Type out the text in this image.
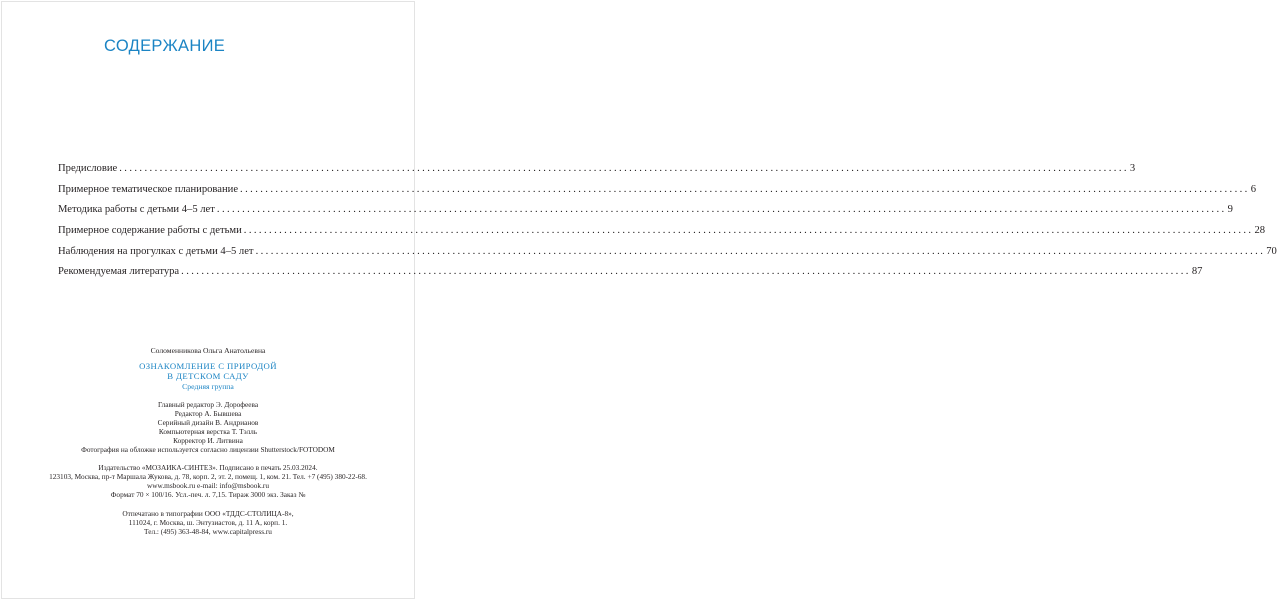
СОДЕРЖАНИЕ
Предисловие ........................................................................................................................................................................................................ 3
Примерное тематическое планирование ........................................................................................................................................................................................................ 6
Методика работы с детьми 4–5 лет ........................................................................................................................................................................................................ 9
Примерное содержание работы с детьми ........................................................................................................................................................................................................ 28
Наблюдения на прогулках с детьми 4–5 лет ........................................................................................................................................................................................................ 70
Рекомендуемая литература ........................................................................................................................................................................................................ 87

Соломенникова Ольга Анатольевна

ОЗНАКОМЛЕНИЕ С ПРИРОДОЙ

В ДЕТСКОМ САДУ

Средняя группа

Главный редактор Э. Дорофеева

Редактор А. Бывшева

Серийный дизайн В. Андрианов

Компьютерная верстка Т. Тэлль

Корректор И. Литвина

Фотография на обложке используется согласно лицензии Shutterstock/FOTODOM

Издательство «МОЗАИКА-СИНТЕЗ». Подписано в печать 25.03.2024.

123103, Москва, пр-т Маршала Жукова, д. 78, корп. 2, эт. 2, помещ. 1, ком. 21. Тел. +7 (495) 380-22-68.

www.msbook.ru e-mail: info@msbook.ru

Формат 70 × 100/16. Усл.-печ. л. 7,15. Тираж 3000 экз. Заказ №

Отпечатано в типографии ООО «ТДДС-СТОЛИЦА-8»,

111024, г. Москва, ш. Энтузиастов, д. 11 А, корп. 1.

Тел.: (495) 363-48-84, www.capitalpress.ru
